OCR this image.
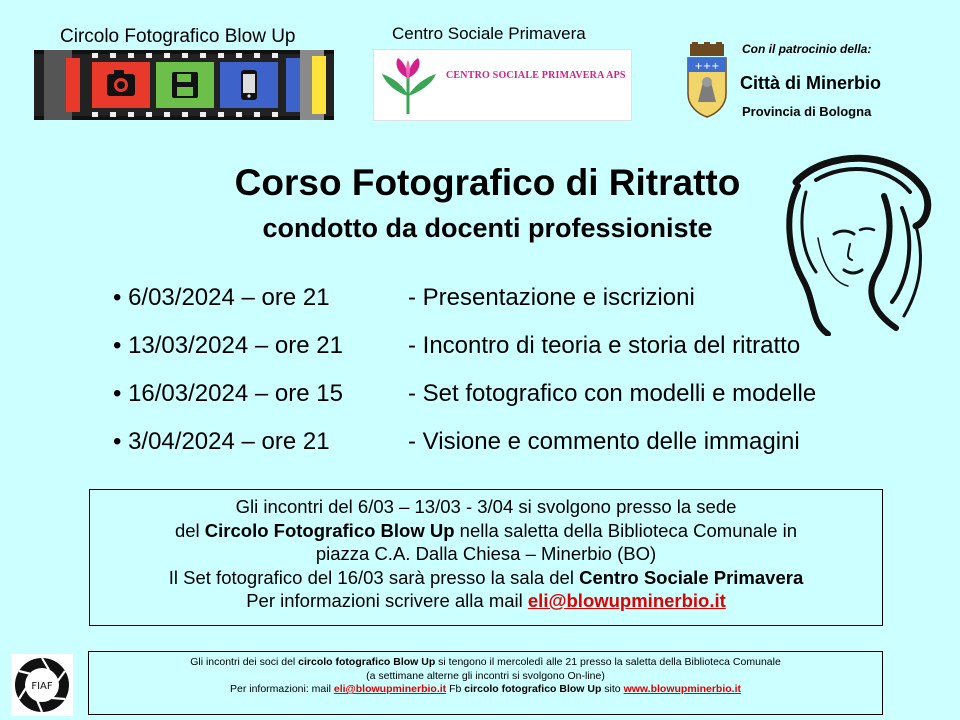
Circolo Fotografico Blow Up	Centro Sociale Primavera
CENTRO SOCIALE PRIMAVERA APS
+++
Con il patrocinio della:
Città di Minerbio
Provincia di Bologna
Corso Fotografico di Ritratto
condotto da docenti professioniste
• 6/03/2024 – ore 21	- Presentazione e iscrizioni
• 13/03/2024 – ore 21	- Incontro di teoria e storia del ritratto
• 16/03/2024 – ore 15	- Set fotografico con modelli e modelle
• 3/04/2024 – ore 21	- Visione e commento delle immagini
Gli incontri del 6/03 – 13/03 - 3/04 si svolgono presso la sede
del Circolo Fotografico Blow Up nella saletta della Biblioteca Comunale in
piazza C.A. Dalla Chiesa – Minerbio (BO)
Il Set fotografico del 16/03 sarà presso la sala del Centro Sociale Primavera
Per informazioni scrivere alla mail eli@blowupminerbio.it
FIAF
Gli incontri dei soci del circolo fotografico Blow Up si tengono il mercoledì alle 21 presso la saletta della Biblioteca Comunale
(a settimane alterne gli incontri si svolgono On-line)
Per informazioni: mail eli@blowupminerbio.it Fb circolo fotografico Blow Up sito www.blowupminerbio.it
